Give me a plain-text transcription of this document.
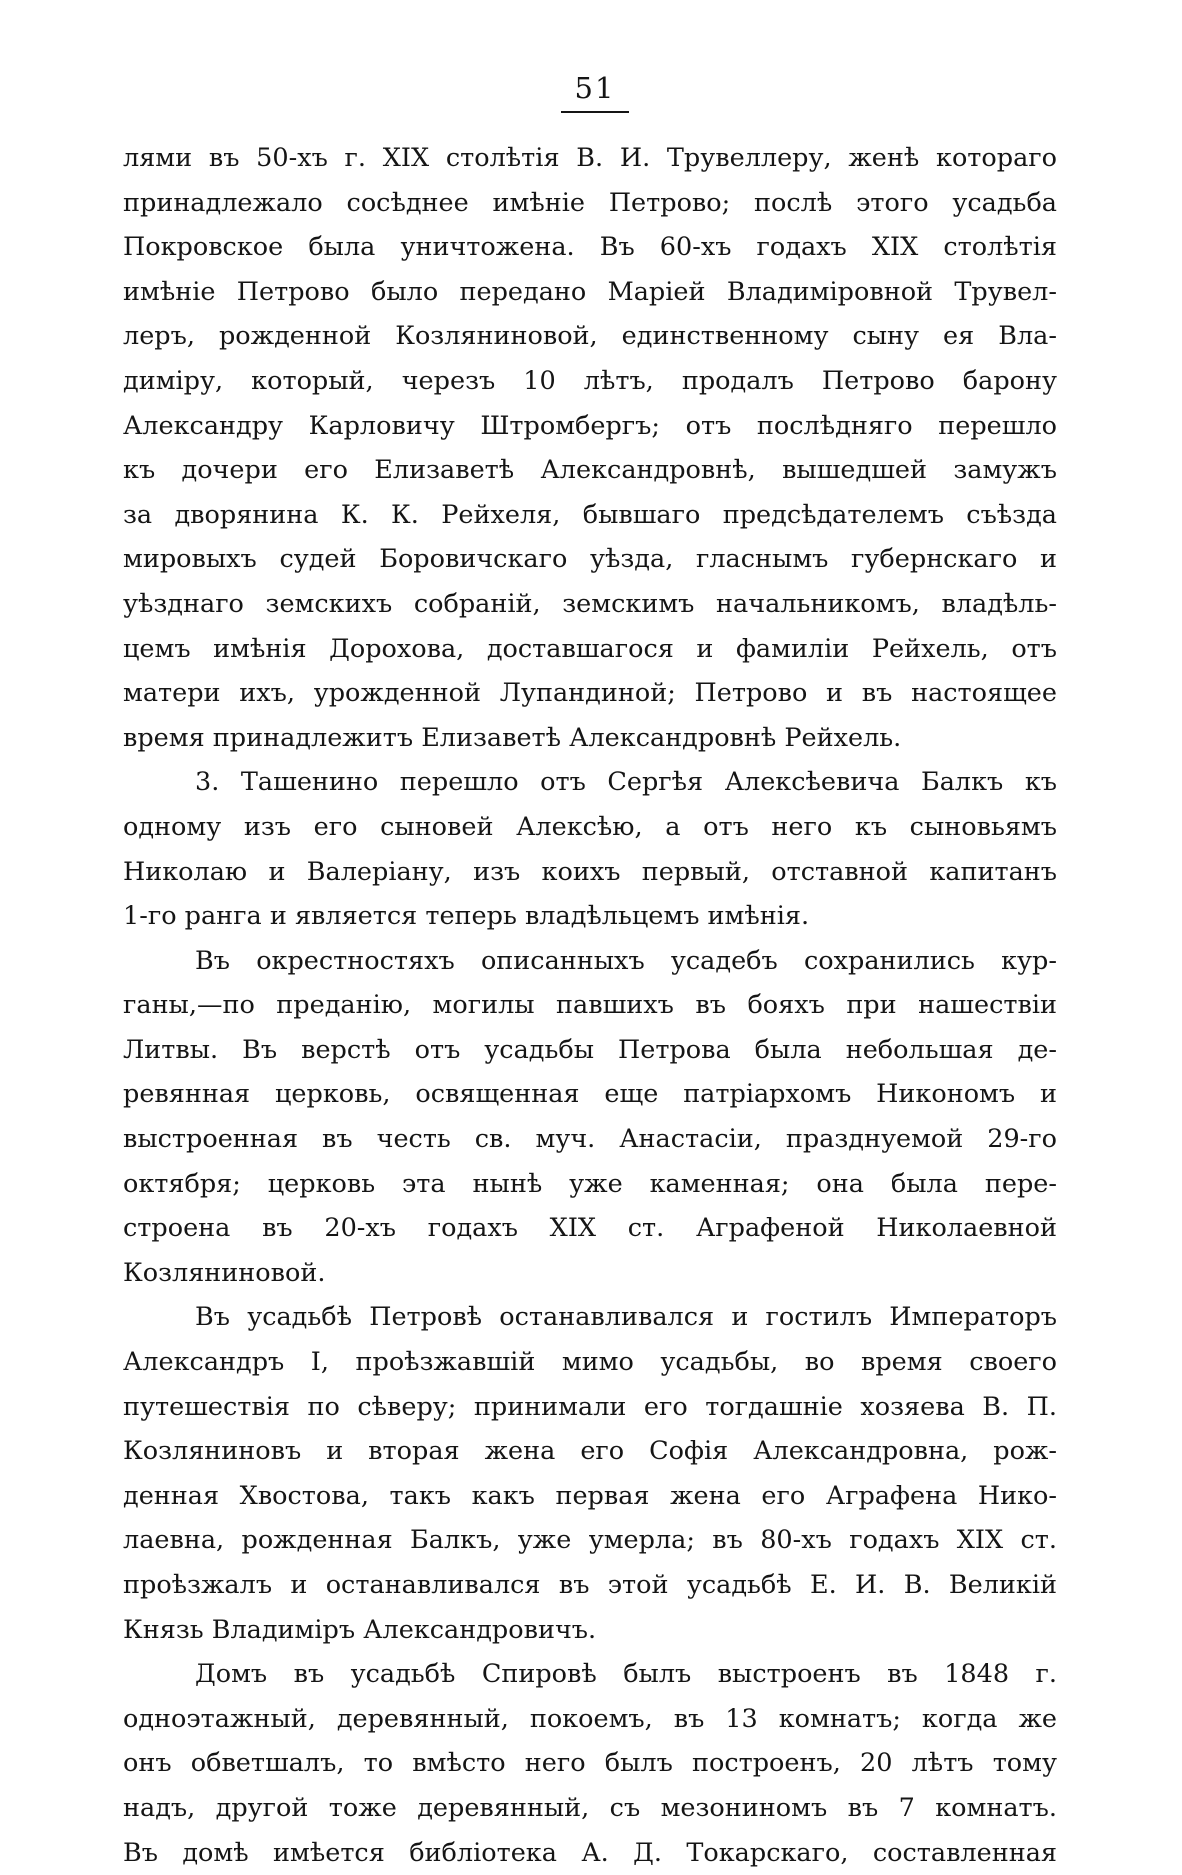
51
лями въ 50-хъ г. XIX столѣтія В. И. Трувеллеру, женѣ котораго
принадлежало сосѣднее имѣніе Петрово; послѣ этого усадьба
Покровское была уничтожена. Въ 60-хъ годахъ XIX столѣтія
имѣніе Петрово было передано Маріей Владиміровной Трувел-
леръ, рожденной Козляниновой, единственному сыну ея Вла-
диміру, который, черезъ 10 лѣтъ, продалъ Петрово барону
Александру Карловичу Штромбергъ; отъ послѣдняго перешло
къ дочери его Елизаветѣ Александровнѣ, вышедшей замужъ
за дворянина К. К. Рейхеля, бывшаго предсѣдателемъ съѣзда
мировыхъ судей Боровичскаго уѣзда, гласнымъ губернскаго и
уѣзднаго земскихъ собраній, земскимъ начальникомъ, владѣль-
цемъ имѣнія Дорохова, доставшагося и фамиліи Рейхель, отъ
матери ихъ, урожденной Лупандиной; Петрово и въ настоящее
время принадлежитъ Елизаветѣ Александровнѣ Рейхель.
3. Ташенино перешло отъ Сергѣя Алексѣевича Балкъ къ
одному изъ его сыновей Алексѣю, а отъ него къ сыновьямъ
Николаю и Валеріану, изъ коихъ первый, отставной капитанъ
1-го ранга и является теперь владѣльцемъ имѣнія.
Въ окрестностяхъ описанныхъ усадебъ сохранились кур-
ганы,—по преданію, могилы павшихъ въ бояхъ при нашествіи
Литвы. Въ верстѣ отъ усадьбы Петрова была небольшая де-
ревянная церковь, освященная еще патріархомъ Никономъ и
выстроенная въ честь св. муч. Анастасіи, празднуемой 29-го
октября; церковь эта нынѣ уже каменная; она была пере-
строена въ 20-хъ годахъ XIX ст. Аграфеной Николаевной
Козляниновой.
Въ усадьбѣ Петровѣ останавливался и гостилъ Императоръ
Александръ I, проѣзжавшій мимо усадьбы, во время своего
путешествія по сѣверу; принимали его тогдашніе хозяева В. П.
Козляниновъ и вторая жена его Софія Александровна, рож-
денная Хвостова, такъ какъ первая жена его Аграфена Нико-
лаевна, рожденная Балкъ, уже умерла; въ 80-хъ годахъ XIX ст.
проѣзжалъ и останавливался въ этой усадьбѣ Е. И. В. Великій
Князь Владиміръ Александровичъ.
Домъ въ усадьбѣ Спировѣ былъ выстроенъ въ 1848 г.
одноэтажный, деревянный, покоемъ, въ 13 комнатъ; когда же
онъ обветшалъ, то вмѣсто него былъ построенъ, 20 лѣтъ тому
надъ, другой тоже деревянный, съ мезониномъ въ 7 комнатъ.
Въ домѣ имѣется библіотека А. Д. Токарскаго, составленная
